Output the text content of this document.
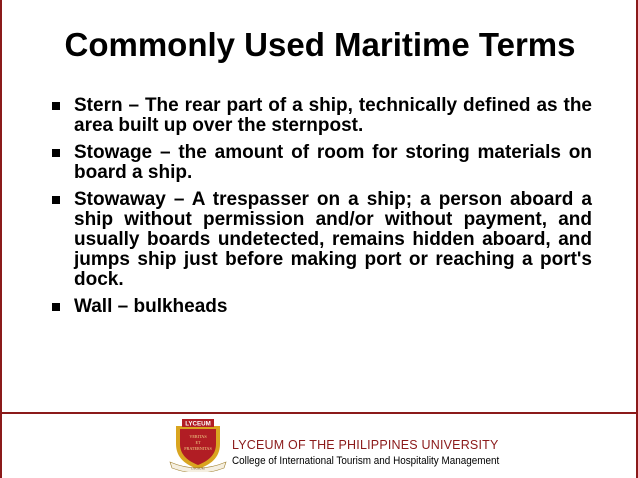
Commonly Used Maritime Terms
Stern – The rear part of a ship, technically defined as the area built up over the sternpost.
Stowage – the amount of room for storing materials on board a ship.
Stowaway – A trespasser on a ship; a person aboard a ship without permission and/or without payment, and usually boards undetected, remains hidden aboard, and jumps ship just before making port or reaching a port's dock.
Wall – bulkheads
LYCEUM
VERITAS
ET
FRATERNITAS
LYCEUM
LYCEUM OF THE PHILIPPINES UNIVERSITY
College of International Tourism and Hospitality Management
